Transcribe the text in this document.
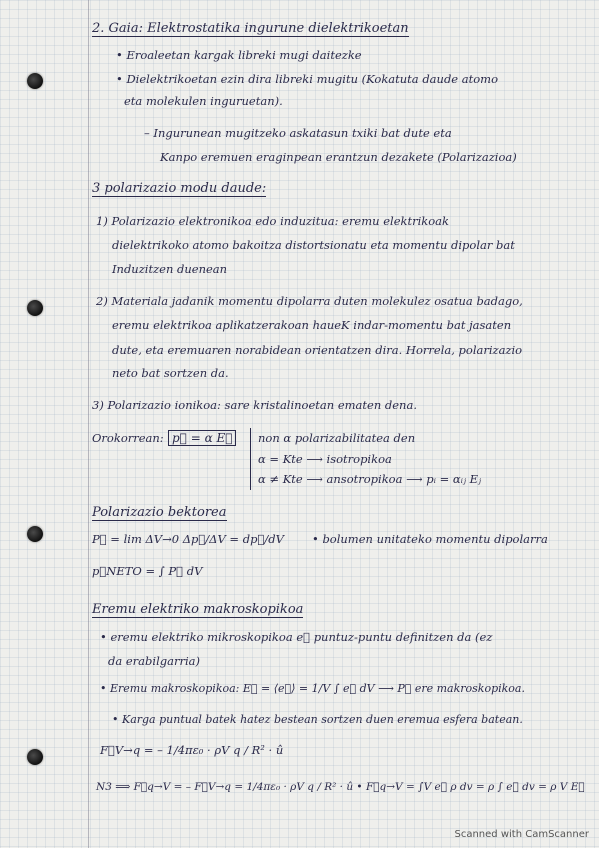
2. Gaia: Elektrostatika ingurune dielektrikoetan
• Eroaleetan kargak libreki mugi daitezke
• Dielektrikoetan ezin dira libreki mugitu (Kokatuta daude atomo
eta molekulen inguruetan).
– Ingurunean mugitzeko askatasun txiki bat dute eta
Kanpo eremuen eraginpean erantzun dezakete (Polarizazioa)
3 polarizazio modu daude:
1) Polarizazio elektronikoa edo induzitua: eremu elektrikoak
dielektrikoko atomo bakoitza distortsionatu eta momentu dipolar bat
Induzitzen duenean
2) Materiala jadanik momentu dipolarra duten molekulez osatua badago,
eremu elektrikoa aplikatzerakoan haueK indar-momentu bat jasaten
dute, eta eremuaren norabidean orientatzen dira. Horrela, polarizazio
neto bat sortzen da.
3) Polarizazio ionikoa: sare kristalinoetan ematen dena.
Orokorrean: p⃗ = α E⃗	non α polarizabilitatea den
α = Kte ⟶ isotropikoa
α ≠ Kte ⟶ ansotropikoa ⟶ pᵢ = αᵢⱼ Eⱼ
Polarizazio bektorea
P⃗ = lim ΔV→0 Δp⃗/ΔV = dp⃗/dV • bolumen unitateko momentu dipolarra
p⃗NETO = ∫ P⃗ dV
Eremu elektriko makroskopikoa
• eremu elektriko mikroskopikoa e⃗ puntuz-puntu definitzen da (ez
da erabilgarria)
• Eremu makroskopikoa: E⃗ = ⟨e⃗⟩ = 1/V ∫ e⃗ dV ⟶ P⃗ ere makroskopikoa.
• Karga puntual batek hatez bestean sortzen duen eremua esfera batean.
F⃗V→q = – 1/4πε₀ · ρV q / R² · û
N3 ⟹ F⃗q→V = – F⃗V→q = 1/4πε₀ · ρV q / R² · û • F⃗q→V = ∫V e⃗ ρ dv = ρ ∫ e⃗ dv = ρ V E⃗
Scanned with CamScanner
